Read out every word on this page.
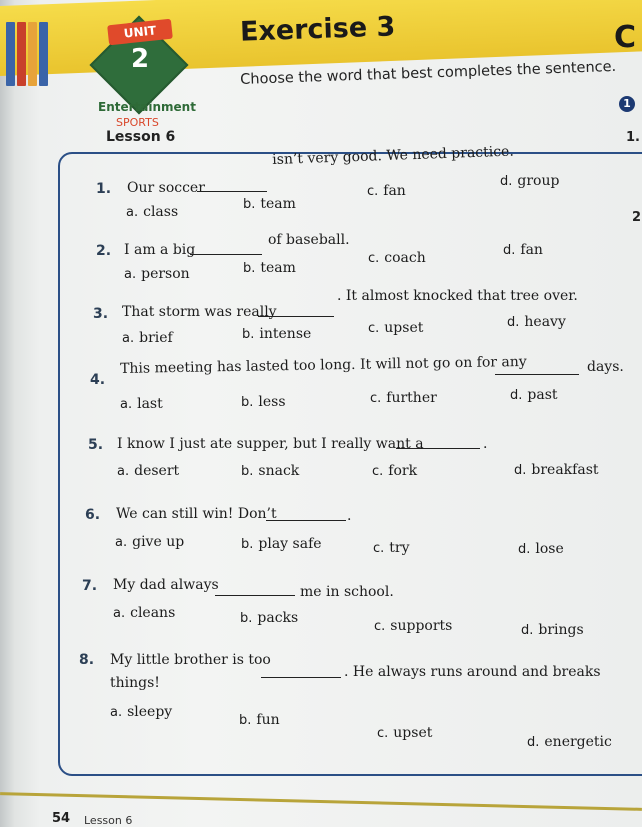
UNIT
2
Exercise 3	C
Entertainment
SPORTS
Lesson 6
Choose the word that best completes the sentence.
1
1.
2
1. Our soccer
isn’t very good. We need practice.
a. class	b. team
c. fan
d. group
2. I am a big
of baseball.
a. person	b. team
c. coach	d. fan
3. That storm was really
. It almost knocked that tree over.
a. brief	b. intense	c. upset	d. heavy
4.
This meeting has lasted too long. It will not go on for any	days.
a. last	b. less	c. further	d. past
5. I know I just ate supper, but I really want a	.
a. desert	b. snack	c. fork	d. breakfast
6. We can still win! Don’t	.
a. give up	b. play safe	c. try	d. lose
7. My dad always	me in school.
a. cleans	b. packs
c. supports	d. brings
8. My little brother is too
. He always runs around and breaks
things!
a. sleepy
b. fun
c. upset
d. energetic
54 Lesson 6
